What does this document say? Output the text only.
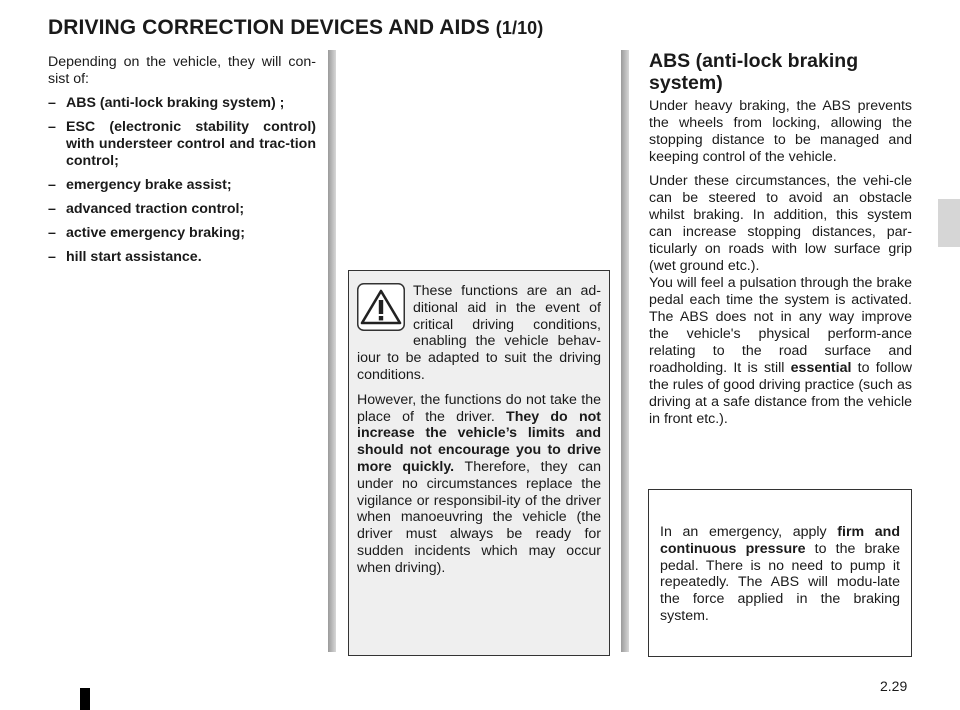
DRIVING CORRECTION DEVICES AND AIDS (1/10)

Depending on the vehicle, they will con-sist of:

– ABS (anti-lock braking system) ;
– ESC (electronic stability control) with understeer control and trac-tion control;
– emergency brake assist;
– advanced traction control;
– active emergency braking;
– hill start assistance.

These functions are an ad-ditional aid in the event of critical driving conditions, enabling the vehicle behav-iour to be adapted to suit the driving conditions.

However, the functions do not take the place of the driver. They do not increase the vehicle’s limits and should not encourage you to drive more quickly. Therefore, they can under no circumstances replace the vigilance or responsibil-ity of the driver when manoeuvring the vehicle (the driver must always be ready for sudden incidents which may occur when driving).

ABS (anti-lock braking system)

Under heavy braking, the ABS prevents the wheels from locking, allowing the stopping distance to be managed and keeping control of the vehicle.

Under these circumstances, the vehi-cle can be steered to avoid an obstacle whilst braking. In addition, this system can increase stopping distances, par-ticularly on roads with low surface grip (wet ground etc.).
You will feel a pulsation through the brake pedal each time the system is activated. The ABS does not in any way improve the vehicle's physical perform-ance relating to the road surface and roadholding. It is still essential to follow the rules of good driving practice (such as driving at a safe distance from the vehicle in front etc.).

In an emergency, apply firm and continuous pressure to the brake pedal. There is no need to pump it repeatedly. The ABS will modu-late the force applied in the braking system.
2.29
